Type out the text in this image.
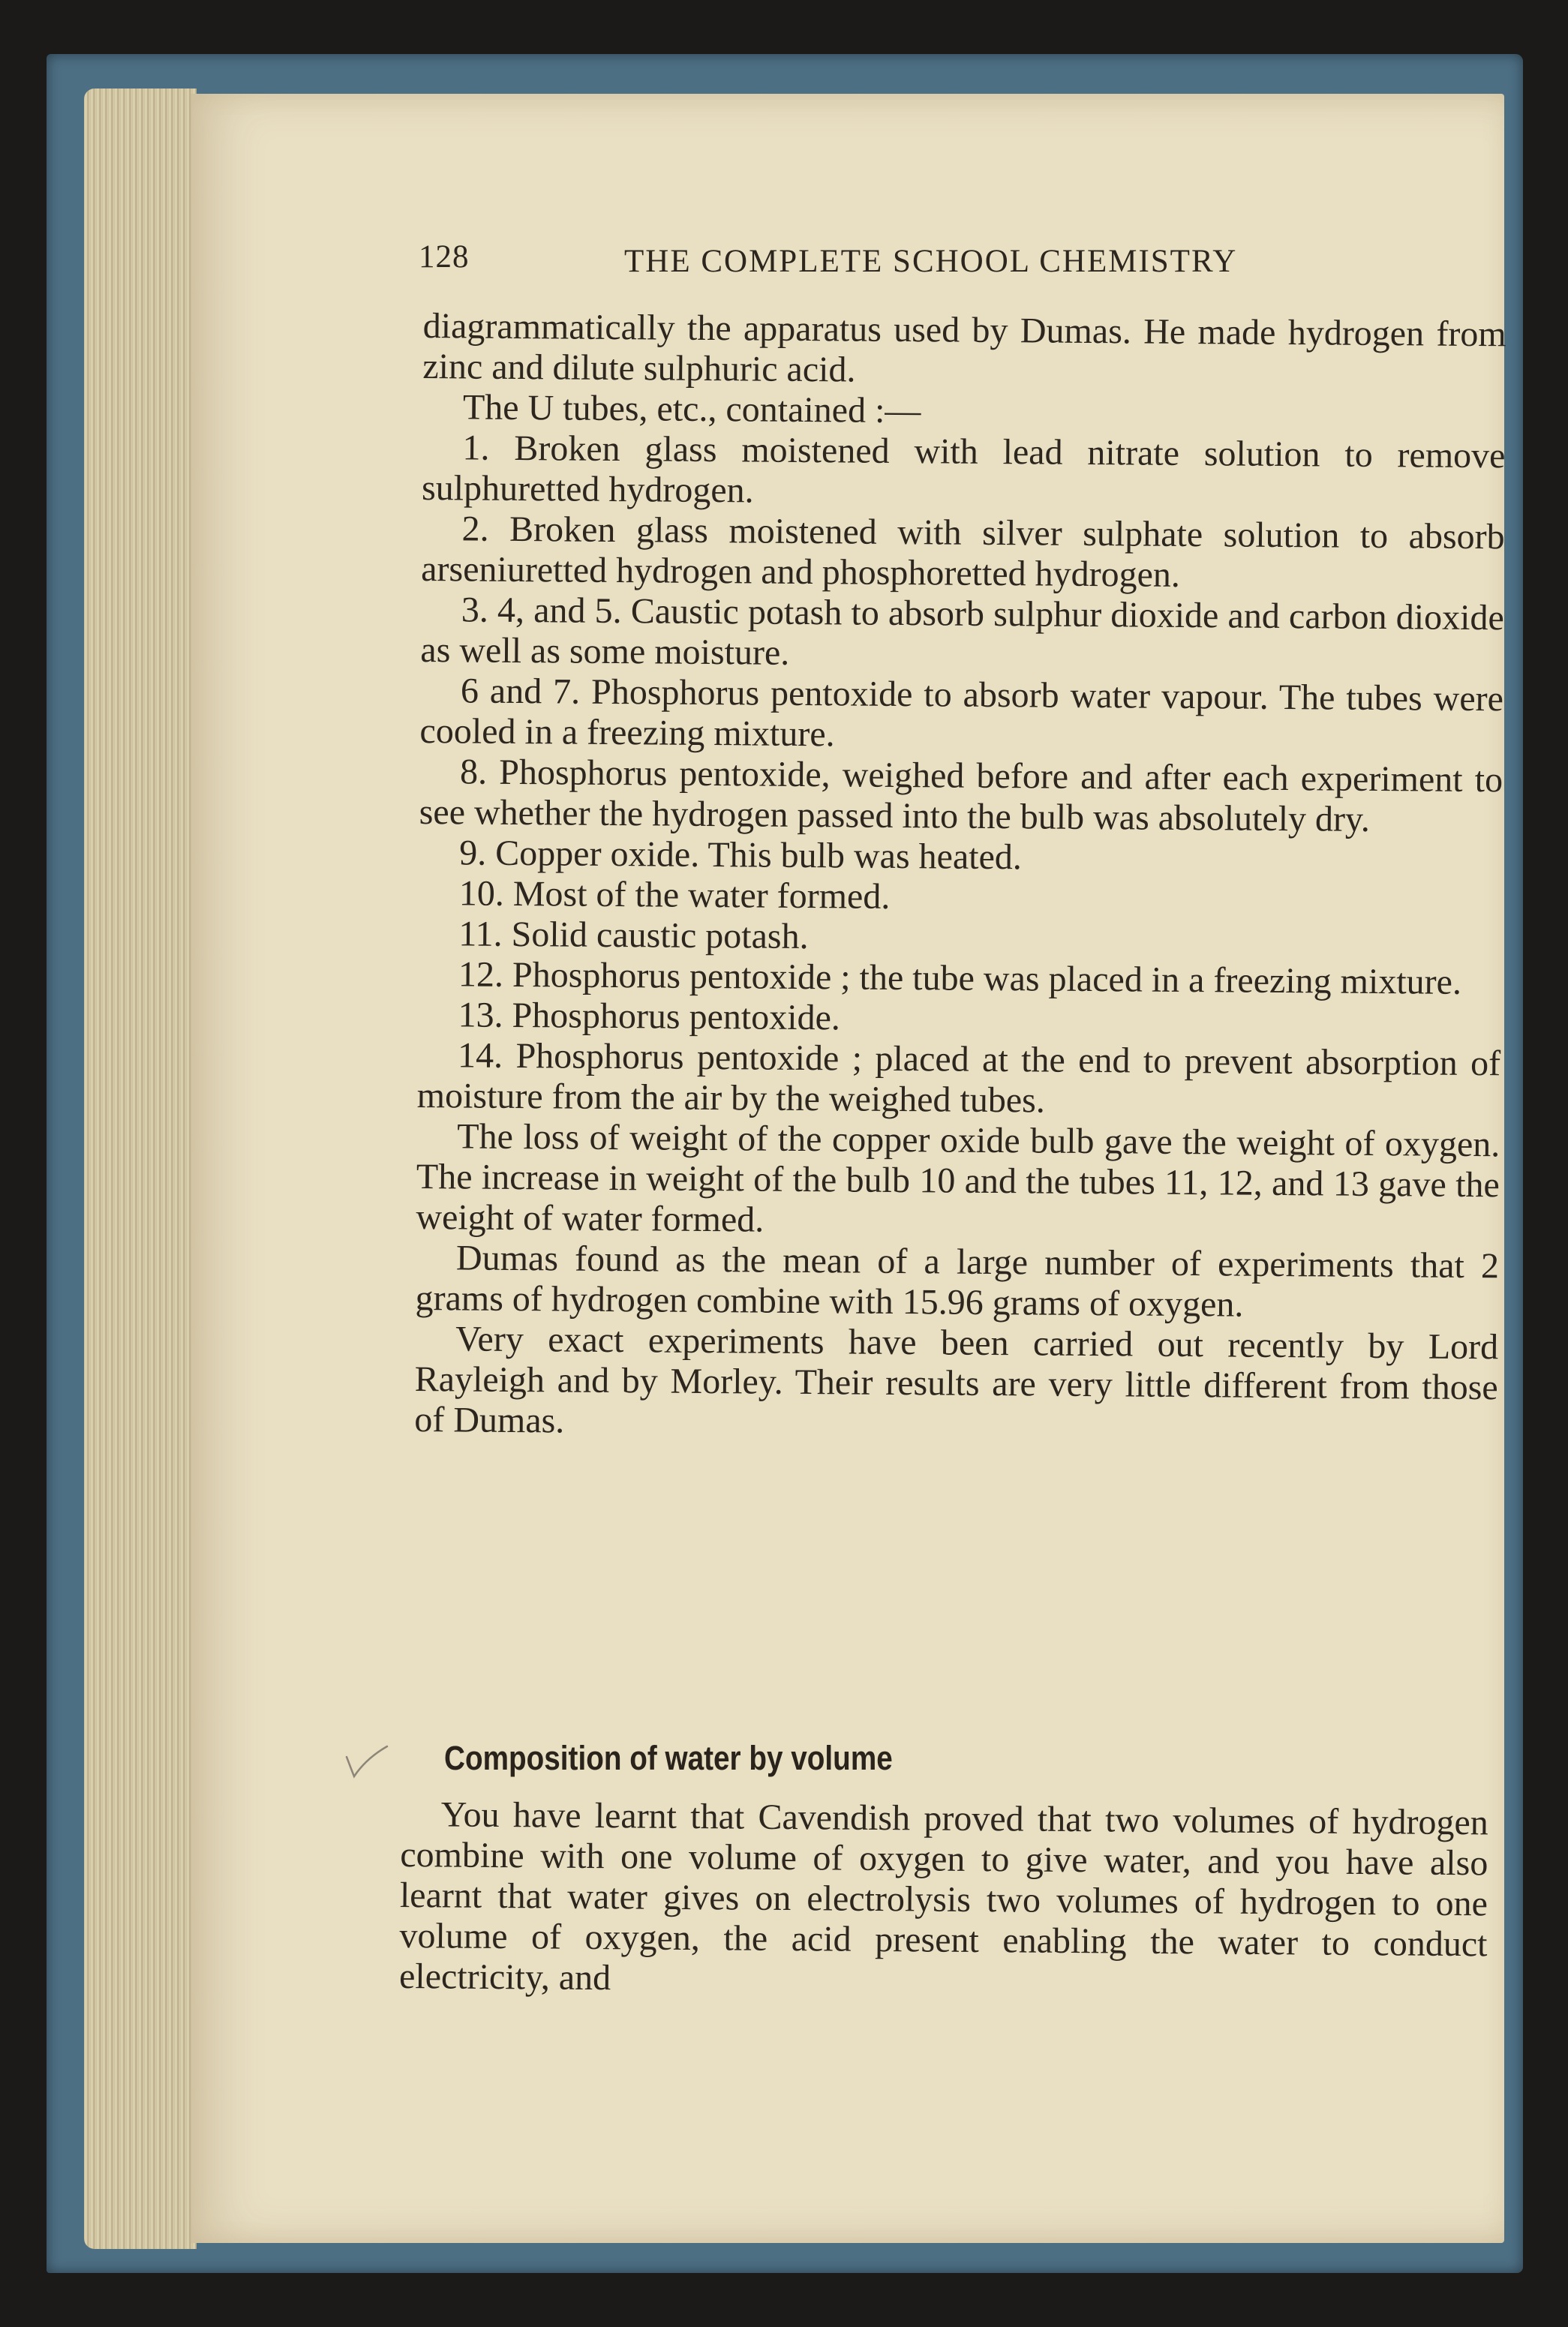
128	THE COMPLETE SCHOOL CHEMISTRY

diagrammatically the apparatus used by Dumas. He made hydrogen from zinc and dilute sulphuric acid.

The U tubes, etc., contained :—

1. Broken glass moistened with lead nitrate solution to remove sulphuretted hydrogen.

2. Broken glass moistened with silver sulphate solution to absorb arseniuretted hydrogen and phosphoretted hydrogen.

3. 4, and 5. Caustic potash to absorb sulphur dioxide and carbon dioxide as well as some moisture.

6 and 7. Phosphorus pentoxide to absorb water vapour. The tubes were cooled in a freezing mixture.

8. Phosphorus pentoxide, weighed before and after each experiment to see whether the hydrogen passed into the bulb was absolutely dry.

9. Copper oxide. This bulb was heated.

10. Most of the water formed.

11. Solid caustic potash.

12. Phosphorus pentoxide ; the tube was placed in a freezing mixture.

13. Phosphorus pentoxide.

14. Phosphorus pentoxide ; placed at the end to prevent absorption of moisture from the air by the weighed tubes.

The loss of weight of the copper oxide bulb gave the weight of oxygen. The increase in weight of the bulb 10 and the tubes 11, 12, and 13 gave the weight of water formed.

Dumas found as the mean of a large number of experiments that 2 grams of hydrogen combine with 15.96 grams of oxygen.

Very exact experiments have been carried out recently by Lord Rayleigh and by Morley. Their results are very little different from those of Dumas.

Composition of water by volume

You have learnt that Cavendish proved that two volumes of hydrogen combine with one volume of oxygen to give water, and you have also learnt that water gives on electrolysis two volumes of hydrogen to one volume of oxygen, the acid present enabling the water to conduct electricity, and
